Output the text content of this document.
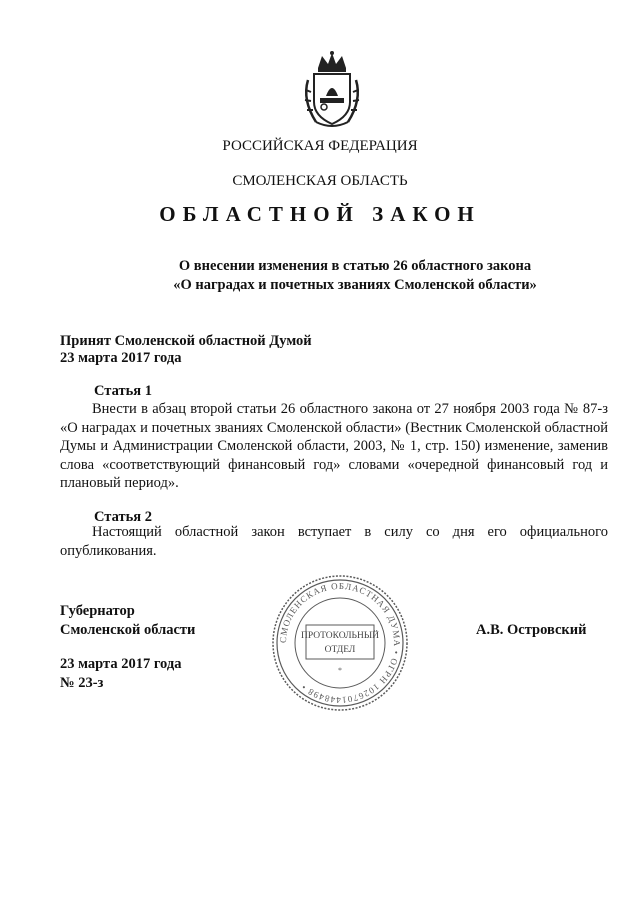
РОССИЙСКАЯ ФЕДЕРАЦИЯ
СМОЛЕНСКАЯ ОБЛАСТЬ
ОБЛАСТНОЙ ЗАКОН
О внесении изменения в статью 26 областного закона
«О наградах и почетных званиях Смоленской области»
Принят Смоленской областной Думой
23 марта 2017 года
Статья 1
Внести в абзац второй статьи 26 областного закона от 27 ноября 2003 года № 87-з «О наградах и почетных званиях Смоленской области» (Вестник Смоленской областной Думы и Администрации Смоленской области, 2003, № 1, стр. 150) изменение, заменив слова «соответствующий финансовый год» словами «очередной финансовый год и плановый период».
Статья 2
Настоящий областной закон вступает в силу со дня его официального опубликования.
Губернатор
Смоленской области	А.В. Островский
23 марта 2017 года
№ 23-з
СМОЛЕНСКАЯ ОБЛАСТНАЯ ДУМА • ОГРН 1026701448498 •
ПРОТОКОЛЬНЫЙ
ОТДЕЛ
*
